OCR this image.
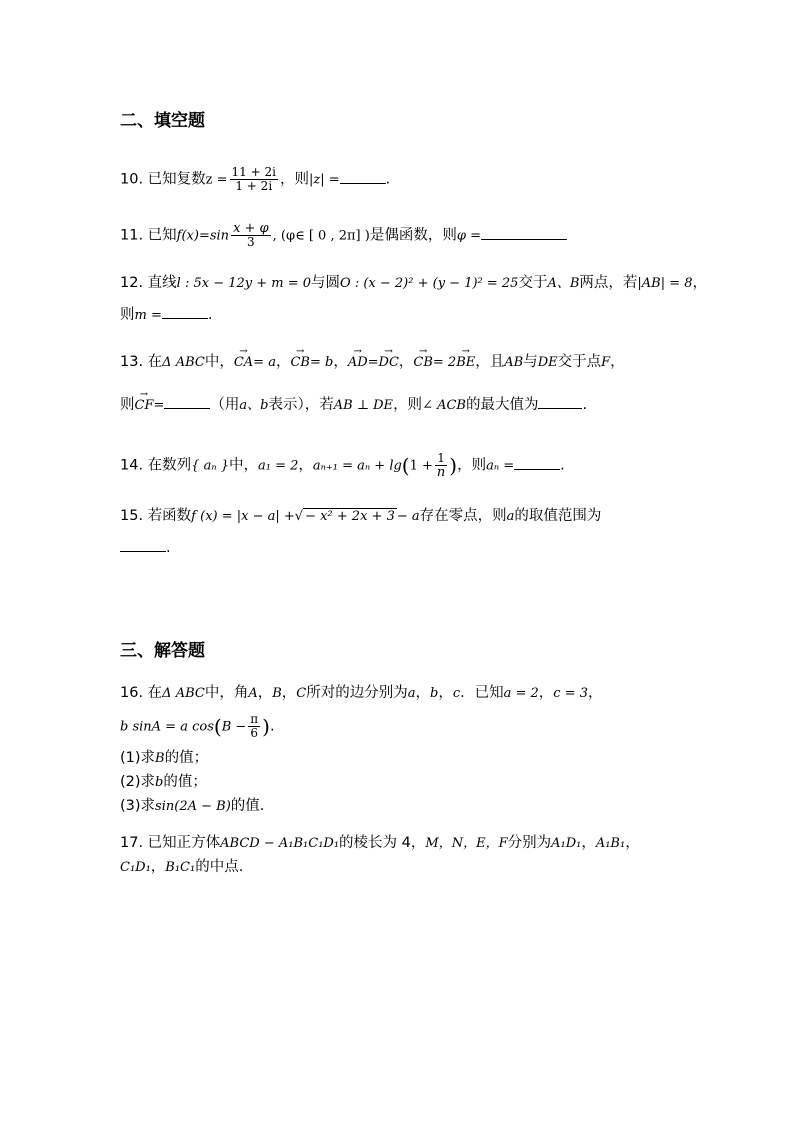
二、填空题
10. 已知复数$z = \frac{11 + 2i}{1 + 2i}$ ，则|z| =	.
11. 已知$f(x)=\sin \frac{x + \varphi}{3}$ , (φ∈ [ 0 , 2π] )是偶函数，则φ =
12. 直线l : 5x − 12y + m = 0与圆O : (x − 2)² + (y − 1)² = 25交于A、B两点，若|AB| = 8，
则m =	.
13. 在Δ ABC中，→ CA= a，→ CB= b，→ AD=→ DC，→ CB= 2→ BE，且AB与DE交于点F，
则→ CF=	（用a、b表示），若AB ⊥ DE，则∠ ACB的最大值为	.
14. 在数列{ aₙ }中，a₁ = 2，$a_{n+1} = a_n + \lg(1 + \frac{1}{n}$ )，则aₙ =	.
15. 若函数f (x) = |x − a| +√ − x² + 2x + 3 − a存在零点，则a的取值范围为
.
三、解答题
16. 在Δ ABC中，角A，B，C所对的边分别为a，b，c．已知a = 2，c = 3，
b sinA = a $\cos(B - \frac{\pi}{6}$ ).
(1)求B的值；
(2)求b的值；
(3)求sin(2A − B)的值.
17. 已知正方体ABCD − A₁B₁C₁D₁的棱长为 4，M，N，E，F分别为A₁D₁，A₁B₁，
C₁D₁，B₁C₁的中点.
